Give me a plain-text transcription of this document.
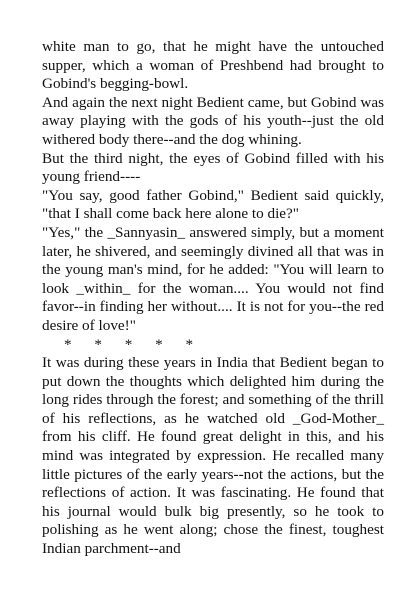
white man to go, that he might have the untouched supper, which a woman of Preshbend had brought to Gobind's begging-bowl.

And again the next night Bedient came, but Gobind was away playing with the gods of his youth--just the old withered body there--and the dog whining.

But the third night, the eyes of Gobind filled with his young friend----

"You say, good father Gobind," Bedient said quickly, "that I shall come back here alone to die?"

"Yes," the _Sannyasin_ answered simply, but a moment later, he shivered, and seemingly divined all that was in the young man's mind, for he added: "You will learn to look _within_ for the woman.... You would not find favor--in finding her without.... It is not for you--the red desire of love!"

*      *      *      *      *

It was during these years in India that Bedient began to put down the thoughts which delighted him during the long rides through the forest; and something of the thrill of his reflections, as he watched old _God-Mother_ from his cliff. He found great delight in this, and his mind was integrated by expression. He recalled many little pictures of the early years--not the actions, but the reflections of action. It was fascinating. He found that his journal would bulk big presently, so he took to polishing as he went along; chose the finest, toughest Indian parchment--and
